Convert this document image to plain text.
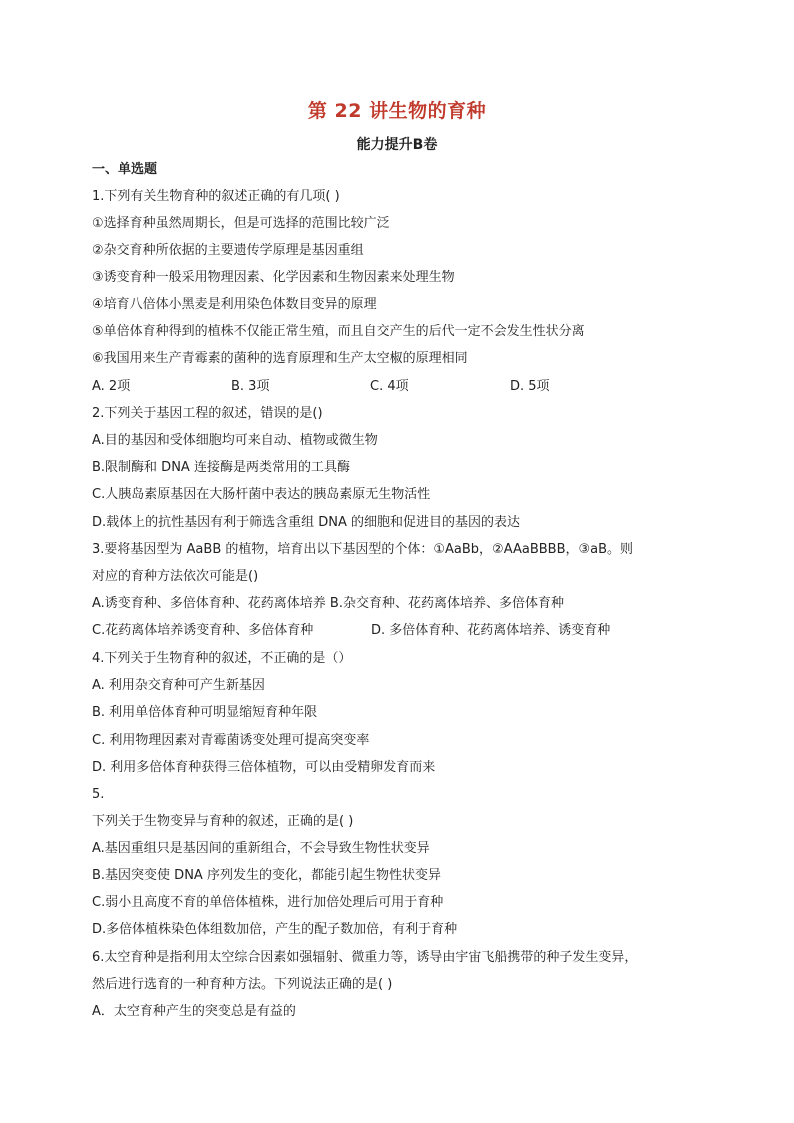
第 22 讲生物的育种
能力提升B卷
一、单选题
1.下列有关生物育种的叙述正确的有几项( )
①选择育种虽然周期长，但是可选择的范围比较广泛
②杂交育种所依据的主要遗传学原理是基因重组
③诱变育种一般采用物理因素、化学因素和生物因素来处理生物
④培育八倍体小黑麦是利用染色体数目变异的原理
⑤单倍体育种得到的植株不仅能正常生殖，而且自交产生的后代一定不会发生性状分离
⑥我国用来生产青霉素的菌种的选育原理和生产太空椒的原理相同
A. 2项	B. 3项	C. 4项	D. 5项
2.下列关于基因工程的叙述，错误的是()
A.目的基因和受体细胞均可来自动、植物或微生物
B.限制酶和 DNA 连接酶是两类常用的工具酶
C.人胰岛素原基因在大肠杆菌中表达的胰岛素原无生物活性
D.载体上的抗性基因有利于筛选含重组 DNA 的细胞和促进目的基因的表达
3.要将基因型为 AaBB 的植物，培育出以下基因型的个体：①AaBb，②AAaBBBB，③aB。则
对应的育种方法依次可能是()
A.诱变育种、多倍体育种、花药离体培养 B.杂交育种、花药离体培养、多倍体育种
C.花药离体培养诱变育种、多倍体育种	D. 多倍体育种、花药离体培养、诱变育种
4.下列关于生物育种的叙述，不正确的是（）
A. 利用杂交育种可产生新基因
B. 利用单倍体育种可明显缩短育种年限
C. 利用物理因素对青霉菌诱变处理可提高突变率
D. 利用多倍体育种获得三倍体植物，可以由受精卵发育而来
5.
下列关于生物变异与育种的叙述，正确的是( )
A.基因重组只是基因间的重新组合，不会导致生物性状变异
B.基因突变使 DNA 序列发生的变化，都能引起生物性状变异
C.弱小且高度不育的单倍体植株，进行加倍处理后可用于育种
D.多倍体植株染色体组数加倍，产生的配子数加倍，有利于育种
6.太空育种是指利用太空综合因素如强辐射、微重力等，诱导由宇宙飞船携带的种子发生变异，
然后进行选育的一种育种方法。下列说法正确的是( )
A．太空育种产生的突变总是有益的
